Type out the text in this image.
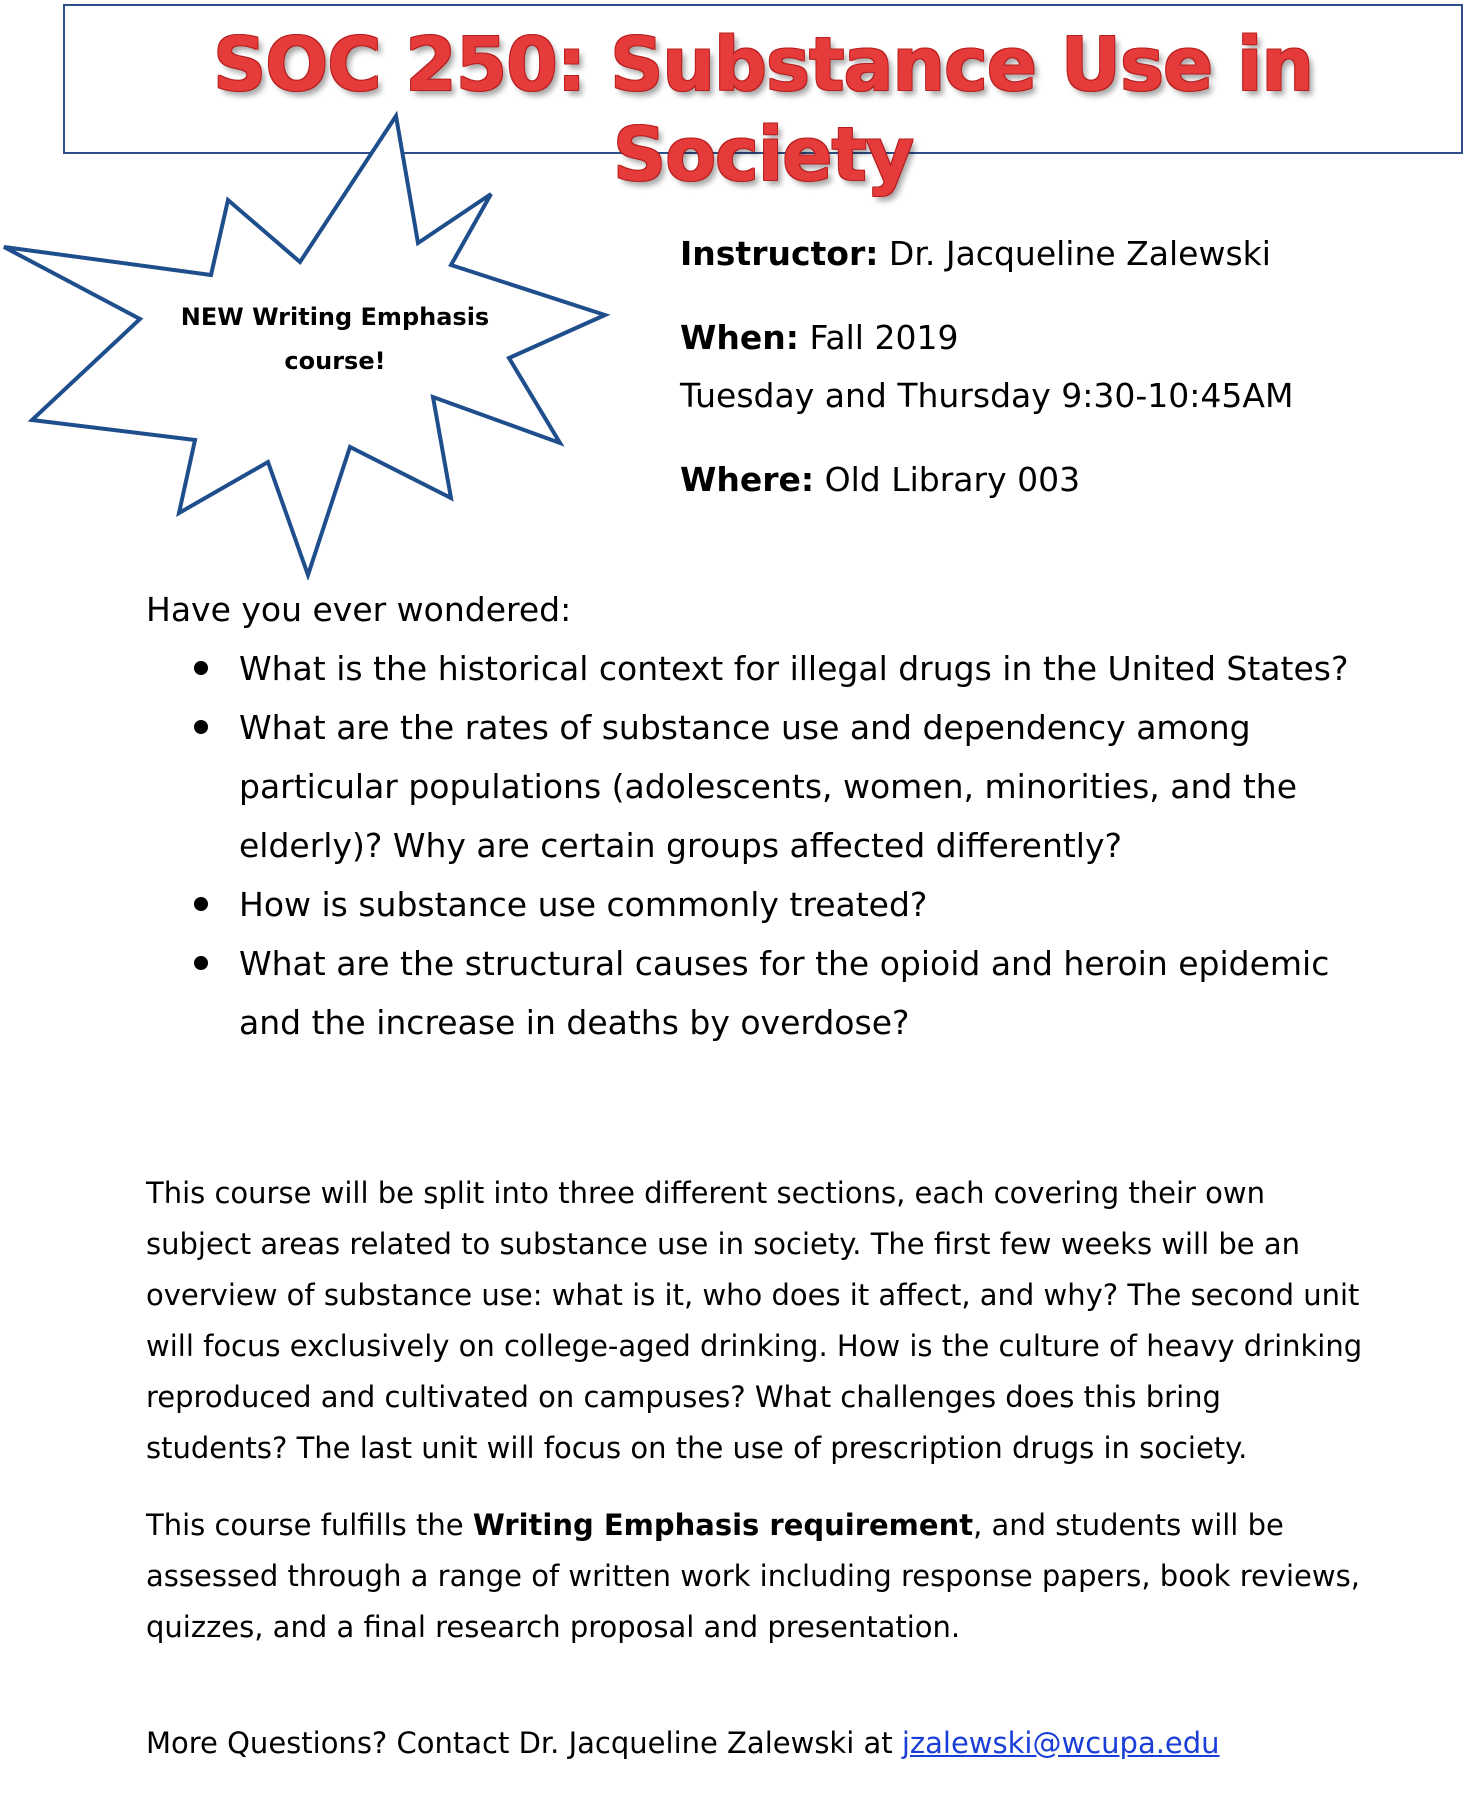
SOC 250: Substance Use in Society
NEW Writing Emphasis
course!

Instructor: Dr. Jacqueline Zalewski

When: Fall 2019

Tuesday and Thursday 9:30-10:45AM

Where: Old Library 003

Have you ever wondered:

What is the historical context for illegal drugs in the United States?
What are the rates of substance use and dependency among particular populations (adolescents, women, minorities, and the elderly)? Why are certain groups affected differently?
How is substance use commonly treated?
What are the structural causes for the opioid and heroin epidemic and the increase in deaths by overdose?

This course will be split into three different sections, each covering their own subject areas related to substance use in society. The first few weeks will be an overview of substance use: what is it, who does it affect, and why? The second unit will focus exclusively on college-aged drinking. How is the culture of heavy drinking reproduced and cultivated on campuses? What challenges does this bring students? The last unit will focus on the use of prescription drugs in society.

This course fulfills the Writing Emphasis requirement, and students will be assessed through a range of written work including response papers, book reviews, quizzes, and a final research proposal and presentation.

More Questions? Contact Dr. Jacqueline Zalewski at jzalewski@wcupa.edu
